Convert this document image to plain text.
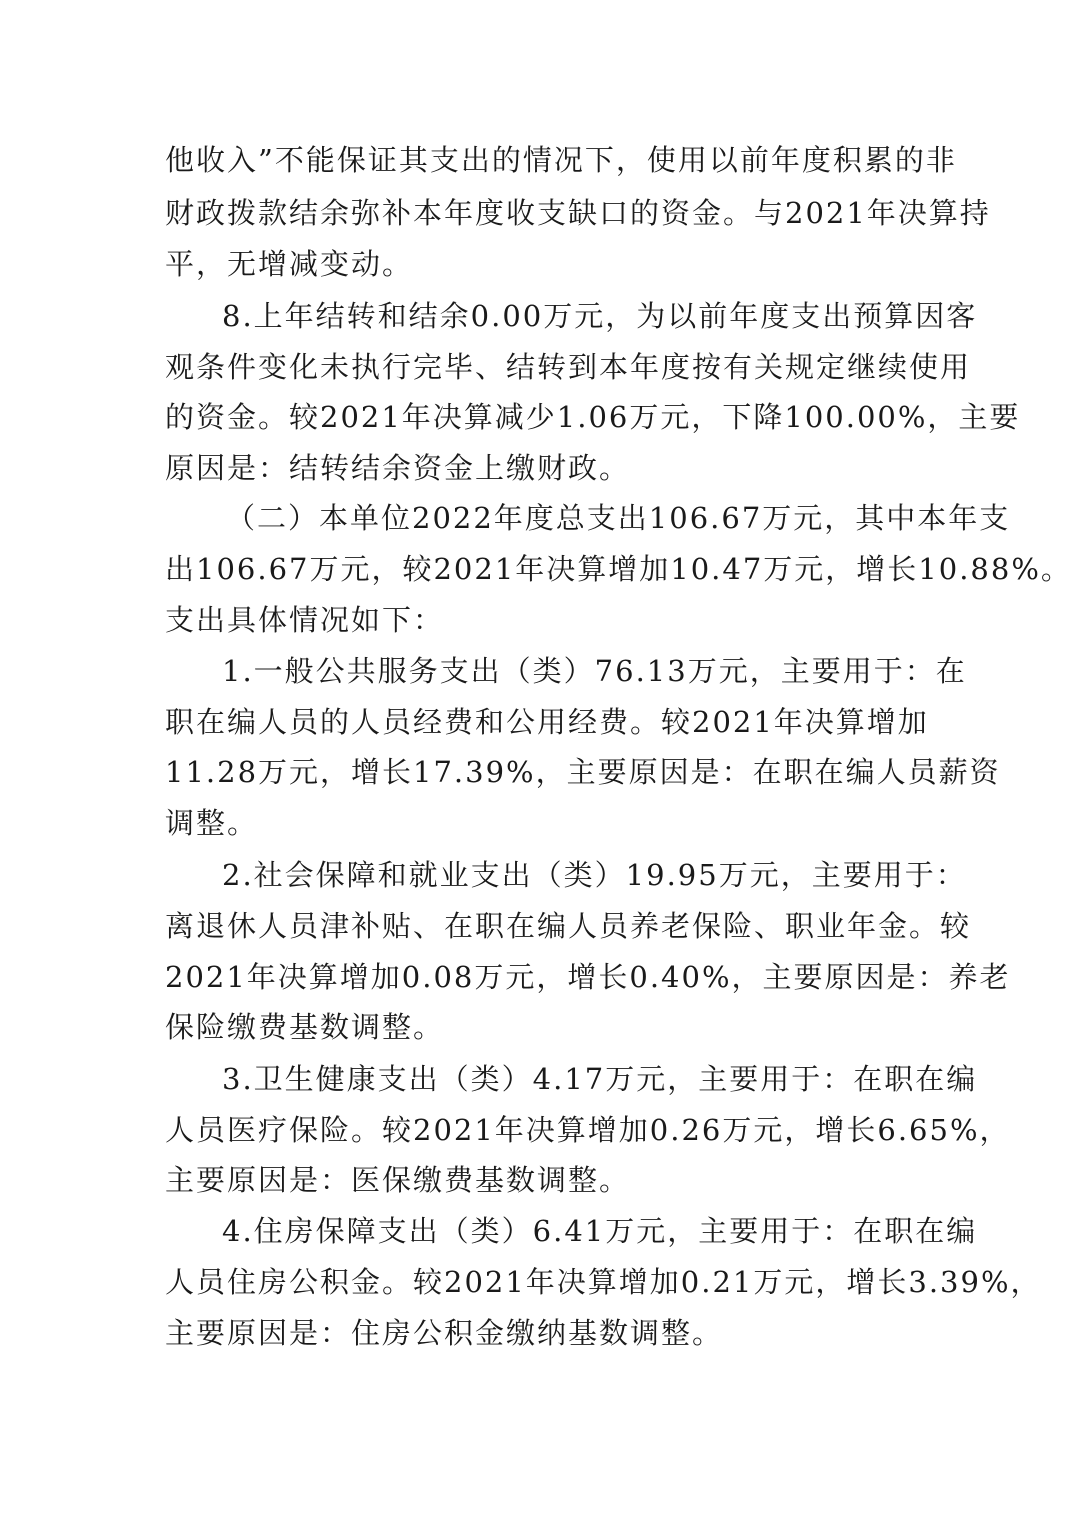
他收入”不能保证其支出的情况下，使用以前年度积累的非
财政拨款结余弥补本年度收支缺口的资金。与2021年决算持
平，无增减变动。
8.上年结转和结余0.00万元，为以前年度支出预算因客
观条件变化未执行完毕、结转到本年度按有关规定继续使用
的资金。较2021年决算减少1.06万元，下降100.00%，主要
原因是：结转结余资金上缴财政。
（二）本单位2022年度总支出106.67万元，其中本年支
出106.67万元，较2021年决算增加10.47万元，增长10.88%。
支出具体情况如下：
1.一般公共服务支出（类）76.13万元，主要用于：在
职在编人员的人员经费和公用经费。较2021年决算增加
11.28万元，增长17.39%，主要原因是：在职在编人员薪资
调整。
2.社会保障和就业支出（类）19.95万元，主要用于：
离退休人员津补贴、在职在编人员养老保险、职业年金。较
2021年决算增加0.08万元，增长0.40%，主要原因是：养老
保险缴费基数调整。
3.卫生健康支出（类）4.17万元，主要用于：在职在编
人员医疗保险。较2021年决算增加0.26万元，增长6.65%，
主要原因是：医保缴费基数调整。
4.住房保障支出（类）6.41万元，主要用于：在职在编
人员住房公积金。较2021年决算增加0.21万元，增长3.39%，
主要原因是：住房公积金缴纳基数调整。
